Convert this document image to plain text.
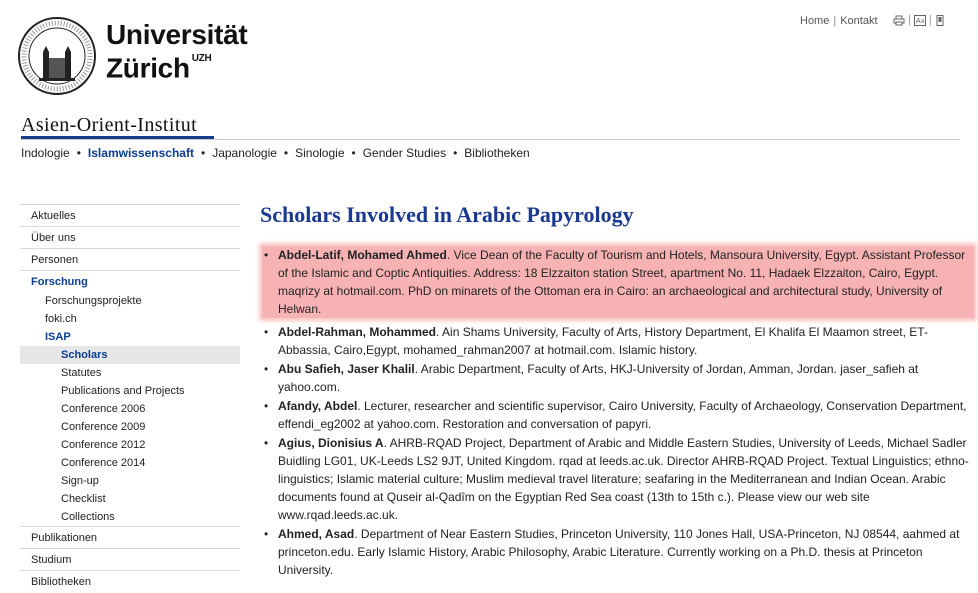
Universität
Zürich $^{UZH}$
Home | Kontakt	| A A |
Asien-Orient-Institut
Indologie • Islamwissenschaft • Japanologie • Sinologie • Gender Studies • Bibliotheken
Aktuelles
Über uns
Personen
Forschung
Forschungsprojekte
foki.ch
ISAP
Scholars
Statutes
Publications and Projects
Conference 2006
Conference 2009
Conference 2012
Conference 2014
Sign-up
Checklist
Collections
Publikationen
Studium
Bibliotheken
Scholars Involved in Arabic Papyrology
• Abdel-Latif, Mohamed Ahmed. Vice Dean of the Faculty of Tourism and Hotels, Mansoura University, Egypt. Assistant Professor of the Islamic and Coptic Antiquities. Address: 18 Elzzaiton station Street, apartment No. 11, Hadaek Elzzaiton, Cairo, Egypt. maqrizy at hotmail.com. PhD on minarets of the Ottoman era in Cairo: an archaeological and architectural study, University of Helwan.
• Abdel-Rahman, Mohammed. Ain Shams University, Faculty of Arts, History Department, El Khalifa El Maamon street, ET-Abbassia, Cairo,Egypt, mohamed_rahman2007 at hotmail.com. Islamic history.
• Abu Safieh, Jaser Khalil. Arabic Department, Faculty of Arts, HKJ-University of Jordan, Amman, Jordan. jaser_safieh at yahoo.com.
• Afandy, Abdel. Lecturer, researcher and scientific supervisor, Cairo University, Faculty of Archaeology, Conservation Department, effendi_eg2002 at yahoo.com. Restoration and conversation of papyri.
• Agius, Dionisius A. AHRB-RQAD Project, Department of Arabic and Middle Eastern Studies, University of Leeds, Michael Sadler Buidling LG01, UK-Leeds LS2 9JT, United Kingdom. rqad at leeds.ac.uk. Director AHRB-RQAD Project. Textual Linguistics; ethno-linguistics; Islamic material culture; Muslim medieval travel literature; seafaring in the Mediterranean and Indian Ocean. Arabic documents found at Quseir al-Qadîm on the Egyptian Red Sea coast (13th to 15th c.). Please view our web site www.rqad.leeds.ac.uk.
• Ahmed, Asad. Department of Near Eastern Studies, Princeton University, 110 Jones Hall, USA-Princeton, NJ 08544, aahmed at princeton.edu. Early Islamic History, Arabic Philosophy, Arabic Literature. Currently working on a Ph.D. thesis at Princeton University.
